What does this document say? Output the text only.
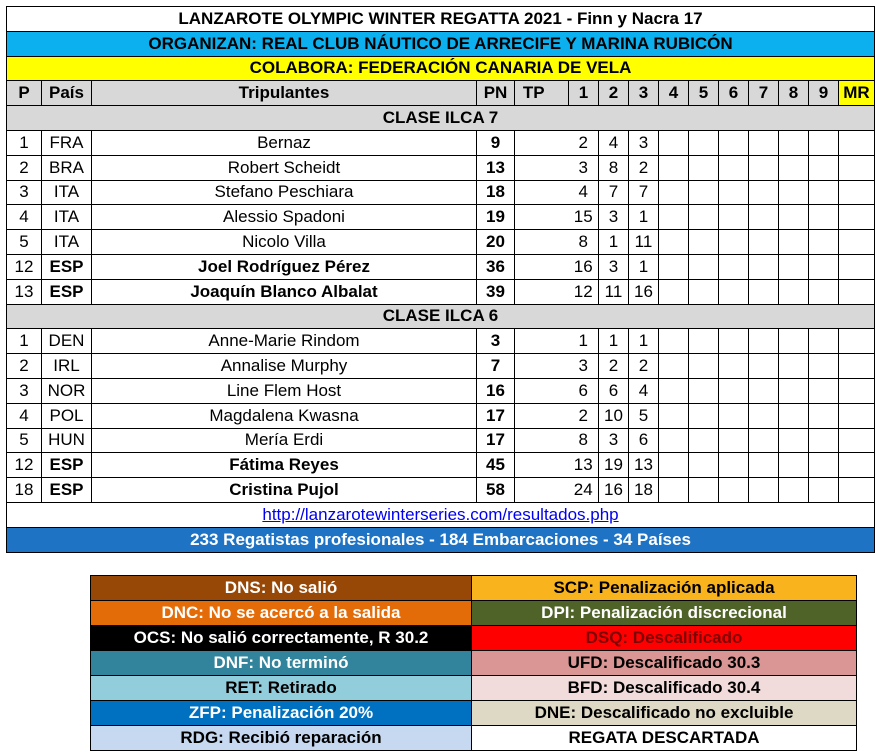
LANZAROTE OLYMPIC WINTER REGATTA 2021 - Finn y Nacra 17															
ORGANIZAN: REAL CLUB NÁUTICO DE ARRECIFE Y MARINA RUBICÓN															
COLABORA: FEDERACIÓN CANARIA DE VELA															
P	País	Tripulantes	PN	TP		1	2	3	4	5	6	7	8	9	MR
CLASE ILCA 7															
1	FRA	Bernaz	9			2	4	3							
2	BRA	Robert Scheidt	13			3	8	2							
3	ITA	Stefano Peschiara	18			4	7	7							
4	ITA	Alessio Spadoni	19			15	3	1							
5	ITA	Nicolo Villa	20			8	1	11							
12	ESP	Joel Rodríguez Pérez	36			16	3	1							
13	ESP	Joaquín Blanco Albalat	39			12	11	16							
CLASE ILCA 6															
1	DEN	Anne-Marie Rindom	3			1	1	1							
2	IRL	Annalise Murphy	7			3	2	2							
3	NOR	Line Flem Host	16			6	6	4							
4	POL	Magdalena Kwasna	17			2	10	5							
5	HUN	Mería Erdi	17			8	3	6							
12	ESP	Fátima Reyes	45			13	19	13							
18	ESP	Cristina Pujol	58			24	16	18							
http://lanzarotewinterseries.com/resultados.php															
233 Regatistas profesionales - 184 Embarcaciones - 34 Países															
DNS: No salió	SCP: Penalización aplicada
DNC: No se acercó a la salida	DPI: Penalización discrecional
OCS: No salió correctamente, R 30.2	DSQ: Descalificado
DNF: No terminó	UFD: Descalificado 30.3
RET: Retirado	BFD: Descalificado 30.4
ZFP: Penalización 20%	DNE: Descalificado no excluible
RDG: Recibió reparación	REGATA DESCARTADA
